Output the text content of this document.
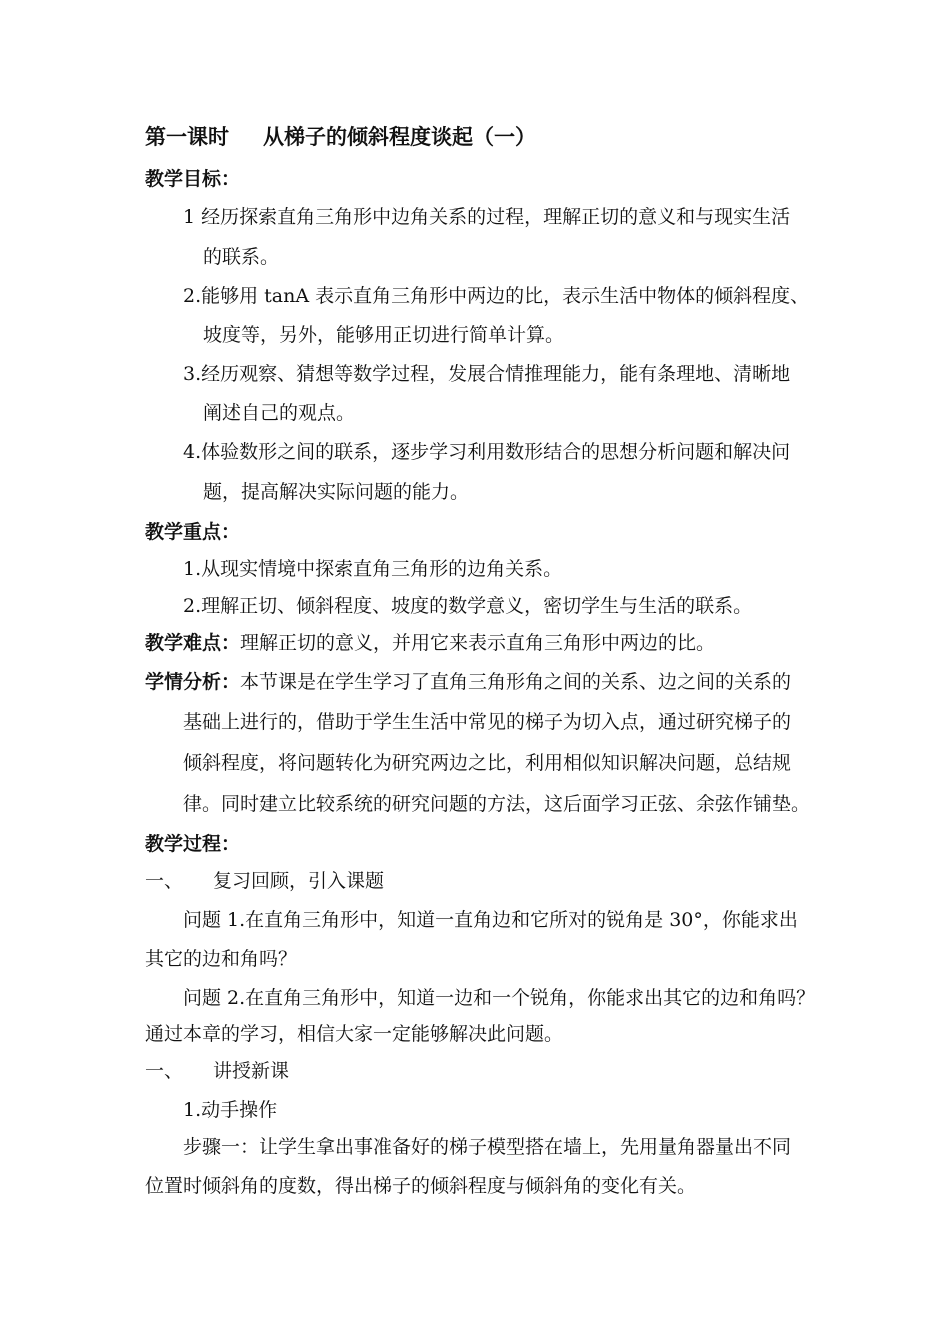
第一课时 从梯子的倾斜程度谈起（一）
教学目标：
1 经历探索直角三角形中边角关系的过程，理解正切的意义和与现实生活
的联系。
2.能够用 tanA 表示直角三角形中两边的比，表示生活中物体的倾斜程度、
坡度等，另外，能够用正切进行简单计算。
3.经历观察、猜想等数学过程，发展合情推理能力，能有条理地、清晰地
阐述自己的观点。
4.体验数形之间的联系，逐步学习利用数形结合的思想分析问题和解决问
题，提高解决实际问题的能力。
教学重点：
1.从现实情境中探索直角三角形的边角关系。
2.理解正切、倾斜程度、坡度的数学意义，密切学生与生活的联系。
教学难点：理解正切的意义，并用它来表示直角三角形中两边的比。
学情分析：本节课是在学生学习了直角三角形角之间的关系、边之间的关系的
基础上进行的，借助于学生生活中常见的梯子为切入点，通过研究梯子的
倾斜程度，将问题转化为研究两边之比，利用相似知识解决问题，总结规
律。同时建立比较系统的研究问题的方法，这后面学习正弦、余弦作铺垫。
教学过程：
一、 复习回顾，引入课题
问题 1.在直角三角形中，知道一直角边和它所对的锐角是 30°，你能求出
其它的边和角吗？
问题 2.在直角三角形中，知道一边和一个锐角，你能求出其它的边和角吗？
通过本章的学习，相信大家一定能够解决此问题。
一、 讲授新课
1.动手操作
步骤一：让学生拿出事准备好的梯子模型搭在墙上，先用量角器量出不同
位置时倾斜角的度数，得出梯子的倾斜程度与倾斜角的变化有关。
